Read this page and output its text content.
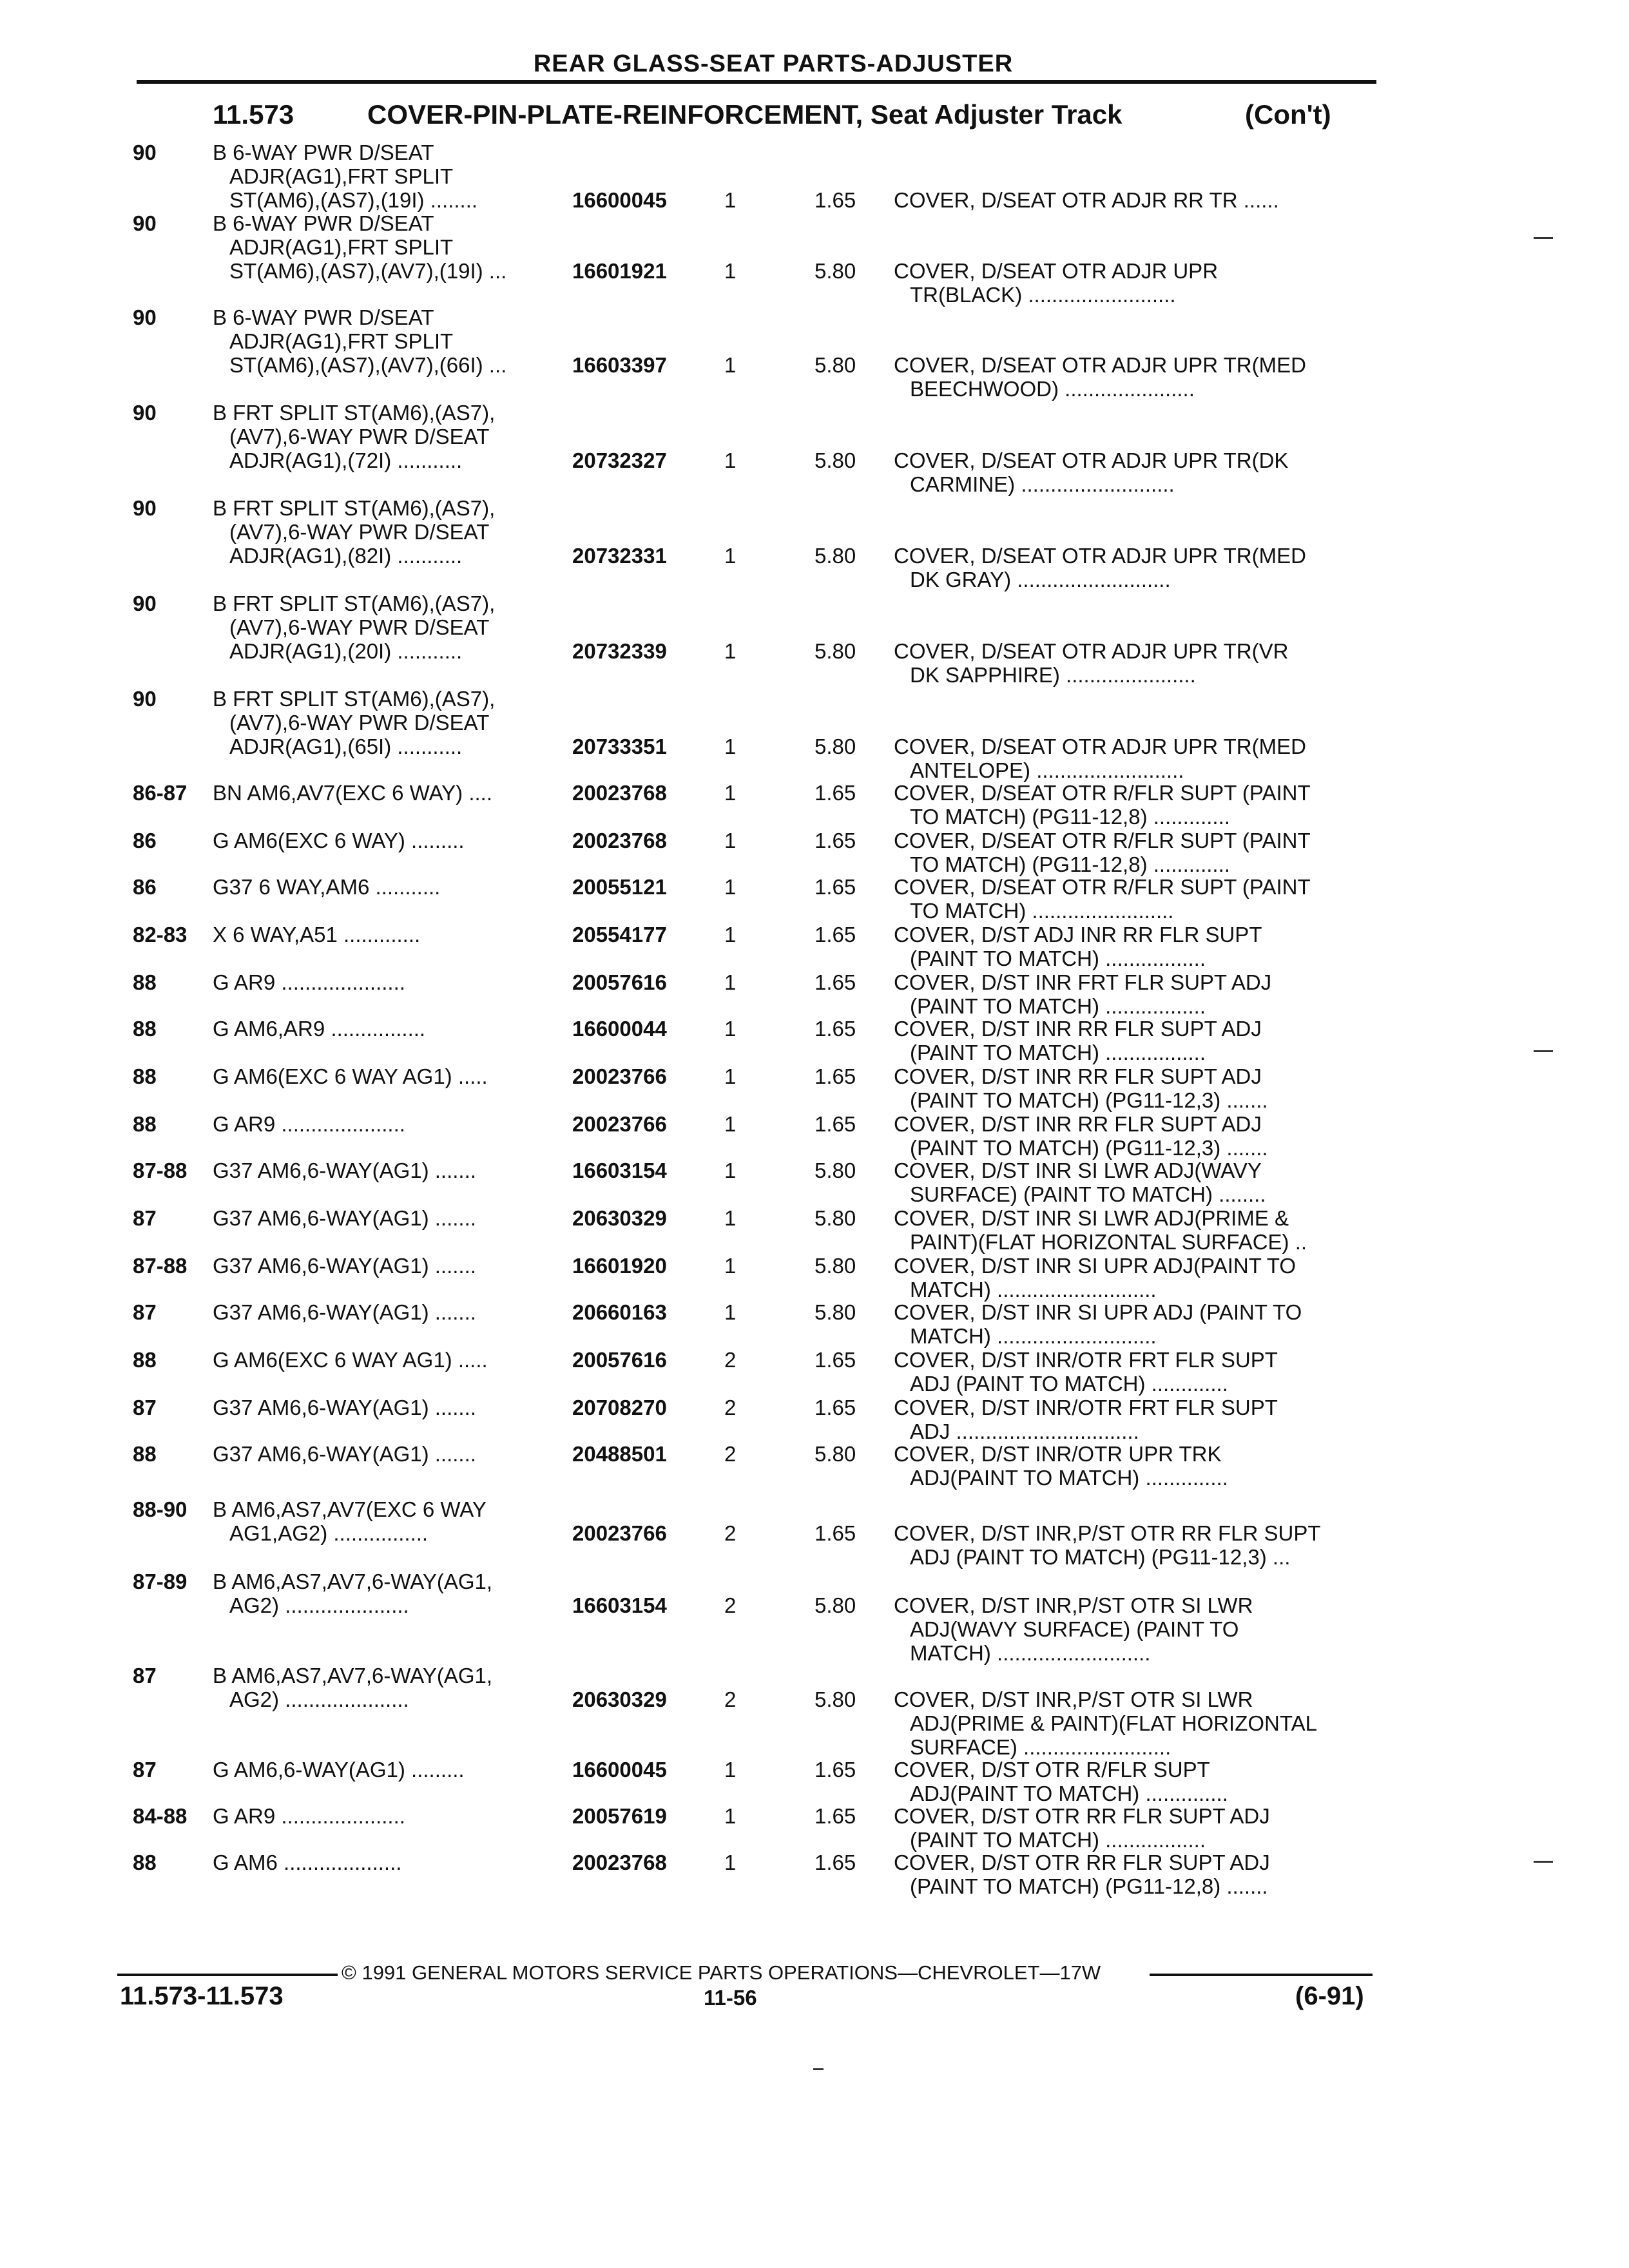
REAR GLASS-SEAT PARTS-ADJUSTER
11.573	COVER-PIN-PLATE-REINFORCEMENT, Seat Adjuster Track	(Con't)
90	B 6-WAY PWR D/SEAT
ADJR(AG1),FRT SPLIT
ST(AM6),(AS7),(19I) ........	16600045	1	1.65 COVER, D/SEAT OTR ADJR RR TR ......
90	B 6-WAY PWR D/SEAT
ADJR(AG1),FRT SPLIT
ST(AM6),(AS7),(AV7),(19I) ...	16601921	1	5.80 COVER, D/SEAT OTR ADJR UPR
TR(BLACK) .........................
90	B 6-WAY PWR D/SEAT
ADJR(AG1),FRT SPLIT
ST(AM6),(AS7),(AV7),(66I) ...	16603397	1	5.80 COVER, D/SEAT OTR ADJR UPR TR(MED
BEECHWOOD) ......................
90	B FRT SPLIT ST(AM6),(AS7),
(AV7),6-WAY PWR D/SEAT
ADJR(AG1),(72I) ...........	20732327	1	5.80 COVER, D/SEAT OTR ADJR UPR TR(DK
CARMINE) ..........................
90	B FRT SPLIT ST(AM6),(AS7),
(AV7),6-WAY PWR D/SEAT
ADJR(AG1),(82I) ...........	20732331	1	5.80 COVER, D/SEAT OTR ADJR UPR TR(MED
DK GRAY) ..........................
90	B FRT SPLIT ST(AM6),(AS7),
(AV7),6-WAY PWR D/SEAT
ADJR(AG1),(20I) ...........	20732339	1	5.80 COVER, D/SEAT OTR ADJR UPR TR(VR
DK SAPPHIRE) ......................
90	B FRT SPLIT ST(AM6),(AS7),
(AV7),6-WAY PWR D/SEAT
ADJR(AG1),(65I) ...........	20733351	1	5.80 COVER, D/SEAT OTR ADJR UPR TR(MED
ANTELOPE) .........................
86-87 BN AM6,AV7(EXC 6 WAY) ....	20023768	1	1.65 COVER, D/SEAT OTR R/FLR SUPT (PAINT
TO MATCH) (PG11-12,8) .............
86	G AM6(EXC 6 WAY) .........	20023768	1	1.65 COVER, D/SEAT OTR R/FLR SUPT (PAINT
TO MATCH) (PG11-12,8) .............
86	G37 6 WAY,AM6 ...........	20055121	1	1.65 COVER, D/SEAT OTR R/FLR SUPT (PAINT
TO MATCH) ........................
82-83 X 6 WAY,A51 .............	20554177	1	1.65 COVER, D/ST ADJ INR RR FLR SUPT
(PAINT TO MATCH) .................
88	G AR9 .....................	20057616	1	1.65 COVER, D/ST INR FRT FLR SUPT ADJ
(PAINT TO MATCH) .................
88	G AM6,AR9 ................	16600044	1	1.65 COVER, D/ST INR RR FLR SUPT ADJ
(PAINT TO MATCH) .................
88	G AM6(EXC 6 WAY AG1) .....	20023766	1	1.65 COVER, D/ST INR RR FLR SUPT ADJ
(PAINT TO MATCH) (PG11-12,3) .......
88	G AR9 .....................	20023766	1	1.65 COVER, D/ST INR RR FLR SUPT ADJ
(PAINT TO MATCH) (PG11-12,3) .......
87-88 G37 AM6,6-WAY(AG1) .......	16603154	1	5.80 COVER, D/ST INR SI LWR ADJ(WAVY
SURFACE) (PAINT TO MATCH) ........
87	G37 AM6,6-WAY(AG1) .......	20630329	1	5.80 COVER, D/ST INR SI LWR ADJ(PRIME &
PAINT)(FLAT HORIZONTAL SURFACE) ..
87-88 G37 AM6,6-WAY(AG1) .......	16601920	1	5.80 COVER, D/ST INR SI UPR ADJ(PAINT TO
MATCH) ...........................
87	G37 AM6,6-WAY(AG1) .......	20660163	1	5.80 COVER, D/ST INR SI UPR ADJ (PAINT TO
MATCH) ...........................
88	G AM6(EXC 6 WAY AG1) .....	20057616	2	1.65 COVER, D/ST INR/OTR FRT FLR SUPT
ADJ (PAINT TO MATCH) .............
87	G37 AM6,6-WAY(AG1) .......	20708270	2	1.65 COVER, D/ST INR/OTR FRT FLR SUPT
ADJ ...............................
88	G37 AM6,6-WAY(AG1) .......	20488501	2	5.80 COVER, D/ST INR/OTR UPR TRK
ADJ(PAINT TO MATCH) ..............
88-90 B AM6,AS7,AV7(EXC 6 WAY
AG1,AG2) ................	20023766	2	1.65 COVER, D/ST INR,P/ST OTR RR FLR SUPT
ADJ (PAINT TO MATCH) (PG11-12,3) ...
87-89 B AM6,AS7,AV7,6-WAY(AG1,
AG2) .....................	16603154	2	5.80 COVER, D/ST INR,P/ST OTR SI LWR
ADJ(WAVY SURFACE) (PAINT TO
MATCH) ..........................
87	B AM6,AS7,AV7,6-WAY(AG1,
AG2) .....................	20630329	2	5.80 COVER, D/ST INR,P/ST OTR SI LWR
ADJ(PRIME & PAINT)(FLAT HORIZONTAL
SURFACE) .........................
87	G AM6,6-WAY(AG1) .........	16600045	1	1.65 COVER, D/ST OTR R/FLR SUPT
ADJ(PAINT TO MATCH) ..............
84-88 G AR9 .....................	20057619	1	1.65 COVER, D/ST OTR RR FLR SUPT ADJ
(PAINT TO MATCH) .................
88	G AM6 ....................	20023768	1	1.65 COVER, D/ST OTR RR FLR SUPT ADJ
(PAINT TO MATCH) (PG11-12,8) .......
© 1991 GENERAL MOTORS SERVICE PARTS OPERATIONS—CHEVROLET—17W
11.573-11.573	11-56	(6-91)
